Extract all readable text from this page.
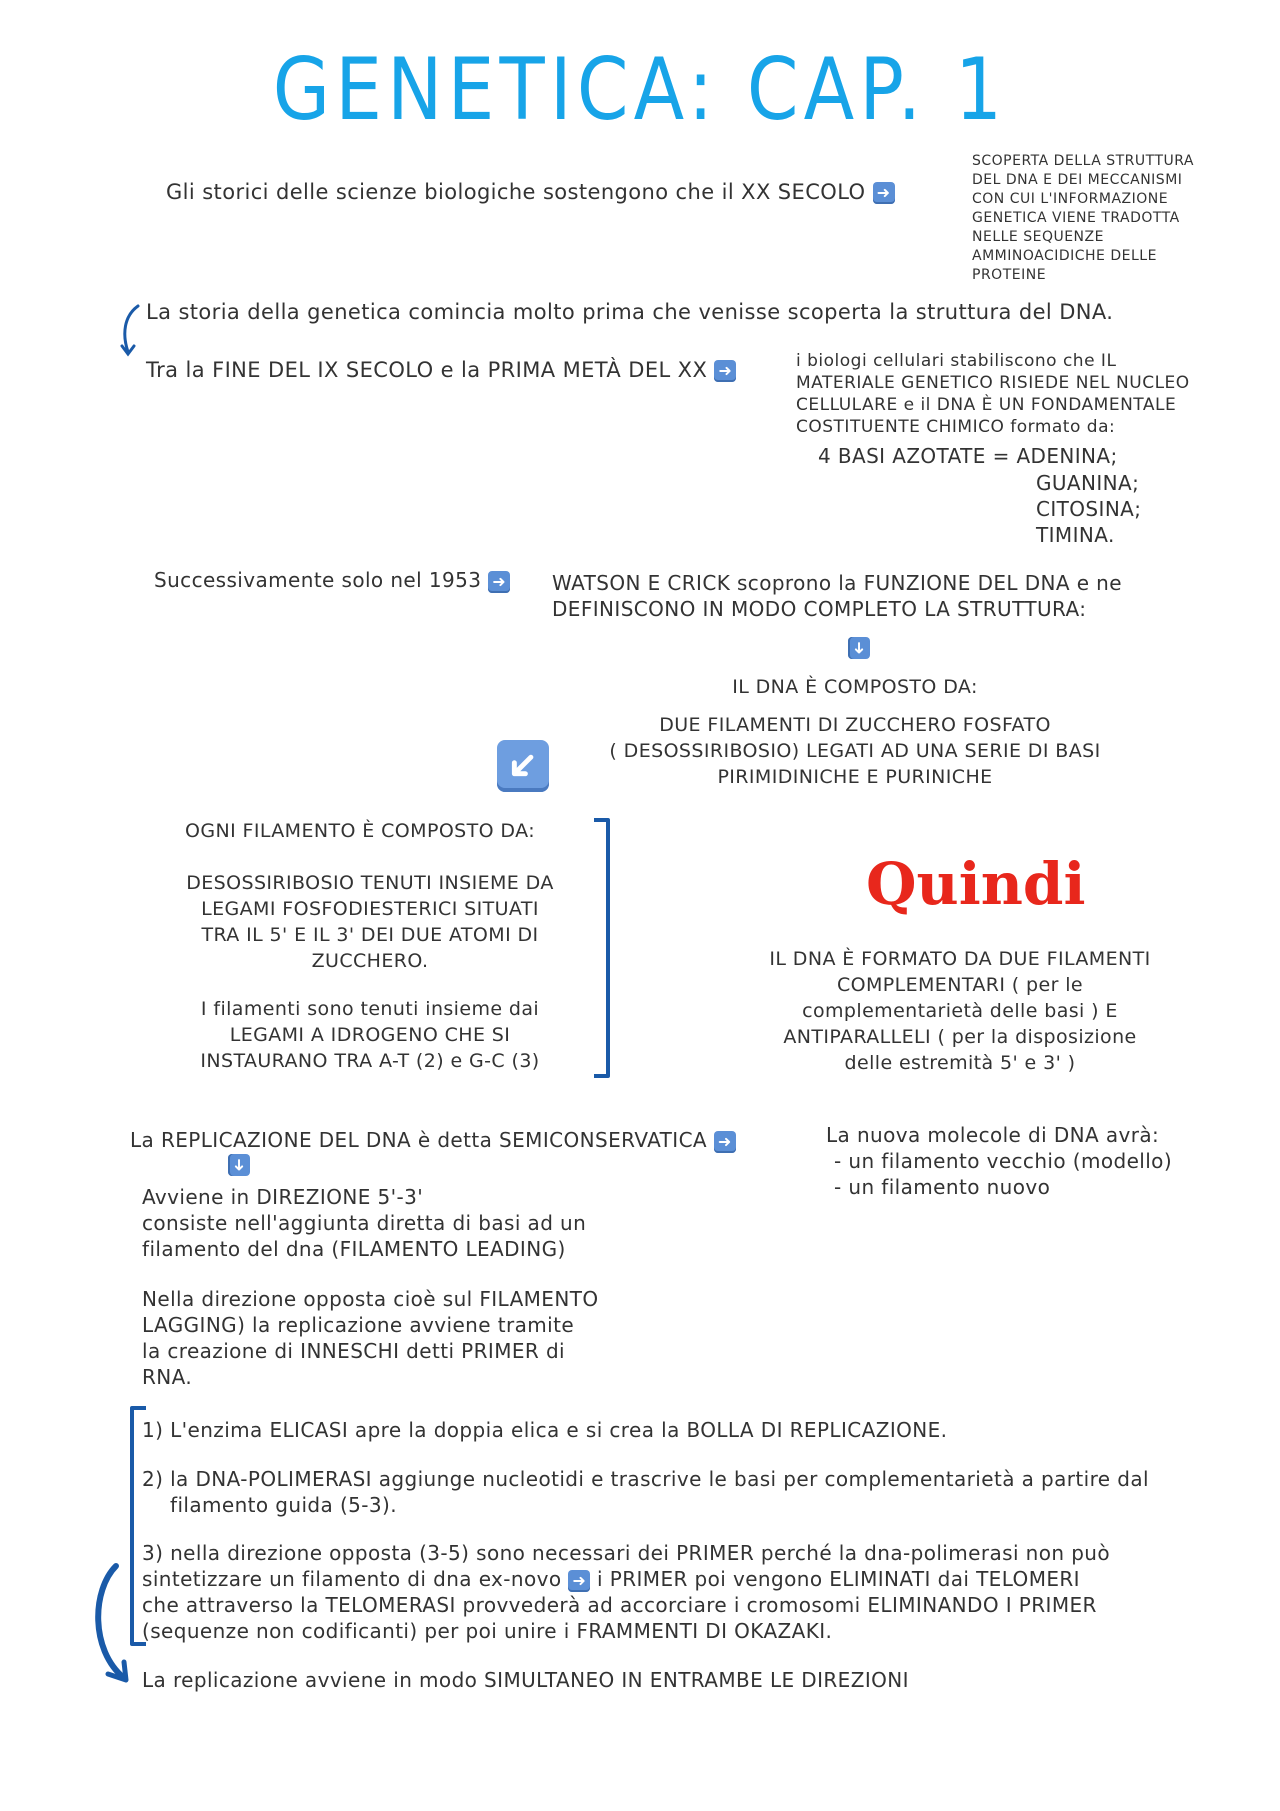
GENETICA: CAP. 1
Gli storici delle scienze biologiche sostengono che il XX SECOLO ➜
SCOPERTA DELLA STRUTTURA
DEL DNA E DEI MECCANISMI
CON CUI L'INFORMAZIONE
GENETICA VIENE TRADOTTA
NELLE SEQUENZE
AMMINOACIDICHE DELLE
PROTEINE
La storia della genetica comincia molto prima che venisse scoperta la struttura del DNA.
Tra la FINE DEL IX SECOLO e la PRIMA METÀ DEL XX ➜	i biologi cellulari stabiliscono che IL
MATERIALE GENETICO RISIEDE NEL NUCLEO
CELLULARE e il DNA È UN FONDAMENTALE
COSTITUENTE CHIMICO formato da:
4 BASI AZOTATE = ADENINA;
GUANINA;
CITOSINA;
TIMINA.
Successivamente solo nel 1953 ➜ WATSON E CRICK scoprono la FUNZIONE DEL DNA e ne
DEFINISCONO IN MODO COMPLETO LA STRUTTURA:
➜
IL DNA È COMPOSTO DA:
DUE FILAMENTI DI ZUCCHERO FOSFATO
( DESOSSIRIBOSIO) LEGATI AD UNA SERIE DI BASI
PIRIMIDINICHE E PURINICHE
➜
OGNI FILAMENTO È COMPOSTO DA:
DESOSSIRIBOSIO TENUTI INSIEME DA
LEGAMI FOSFODIESTERICI SITUATI
TRA IL 5' E IL 3' DEI DUE ATOMI DI
ZUCCHERO.
I filamenti sono tenuti insieme dai
LEGAMI A IDROGENO CHE SI
INSTAURANO TRA A-T (2) e G-C (3)
Quindi
IL DNA È FORMATO DA DUE FILAMENTI
COMPLEMENTARI ( per le
complementarietà delle basi ) E
ANTIPARALLELI ( per la disposizione
delle estremità 5' e 3' )
La REPLICAZIONE DEL DNA è detta SEMICONSERVATICA ➜	La nuova molecole di DNA avrà:
- un filamento vecchio (modello)
- un filamento nuovo
➜
Avviene in DIREZIONE 5'-3'
consiste nell'aggiunta diretta di basi ad un
filamento del dna (FILAMENTO LEADING)
Nella direzione opposta cioè sul FILAMENTO
LAGGING) la replicazione avviene tramite
la creazione di INNESCHI detti PRIMER di
RNA.
1) L'enzima ELICASI apre la doppia elica e si crea la BOLLA DI REPLICAZIONE.
2) la DNA-POLIMERASI aggiunge nucleotidi e trascrive le basi per complementarietà a partire dal
filamento guida (5-3).
3) nella direzione opposta (3-5) sono necessari dei PRIMER perché la dna-polimerasi non può
sintetizzare un filamento di dna ex-novo ➜ i PRIMER poi vengono ELIMINATI dai TELOMERI
che attraverso la TELOMERASI provvederà ad accorciare i cromosomi ELIMINANDO I PRIMER
(sequenze non codificanti) per poi unire i FRAMMENTI DI OKAZAKI.
La replicazione avviene in modo SIMULTANEO IN ENTRAMBE LE DIREZIONI
